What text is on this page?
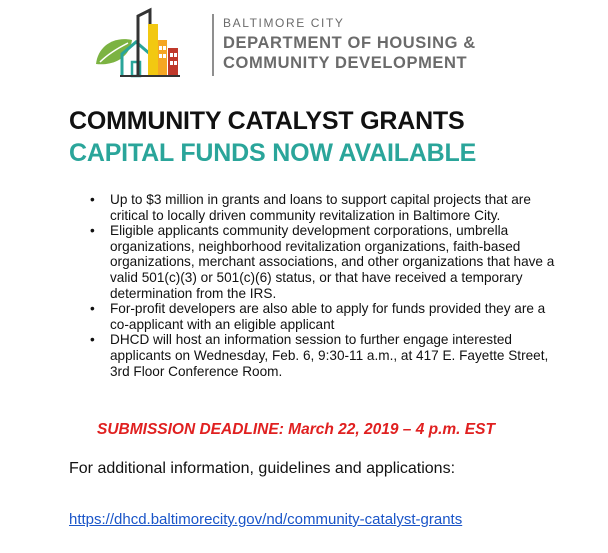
BALTIMORE CITY
DEPARTMENT OF HOUSING &
COMMUNITY DEVELOPMENT
COMMUNITY CATALYST GRANTS
CAPITAL FUNDS NOW AVAILABLE
• Up to $3 million in grants and loans to support capital projects that are critical to locally driven community revitalization in Baltimore City.
• Eligible applicants community development corporations, umbrella organizations, neighborhood revitalization organizations, faith-based organizations, merchant associations, and other organizations that have a valid 501(c)(3) or 501(c)(6) status, or that have received a temporary determination from the IRS.
• For-profit developers are also able to apply for funds provided they are a co-applicant with an eligible applicant
• DHCD will host an information session to further engage interested applicants on Wednesday, Feb. 6, 9:30-11 a.m., at 417 E. Fayette Street, 3rd Floor Conference Room.
SUBMISSION DEADLINE: March 22, 2019 – 4 p.m. EST
For additional information, guidelines and applications:
https://dhcd.baltimorecity.gov/nd/community-catalyst-grants
